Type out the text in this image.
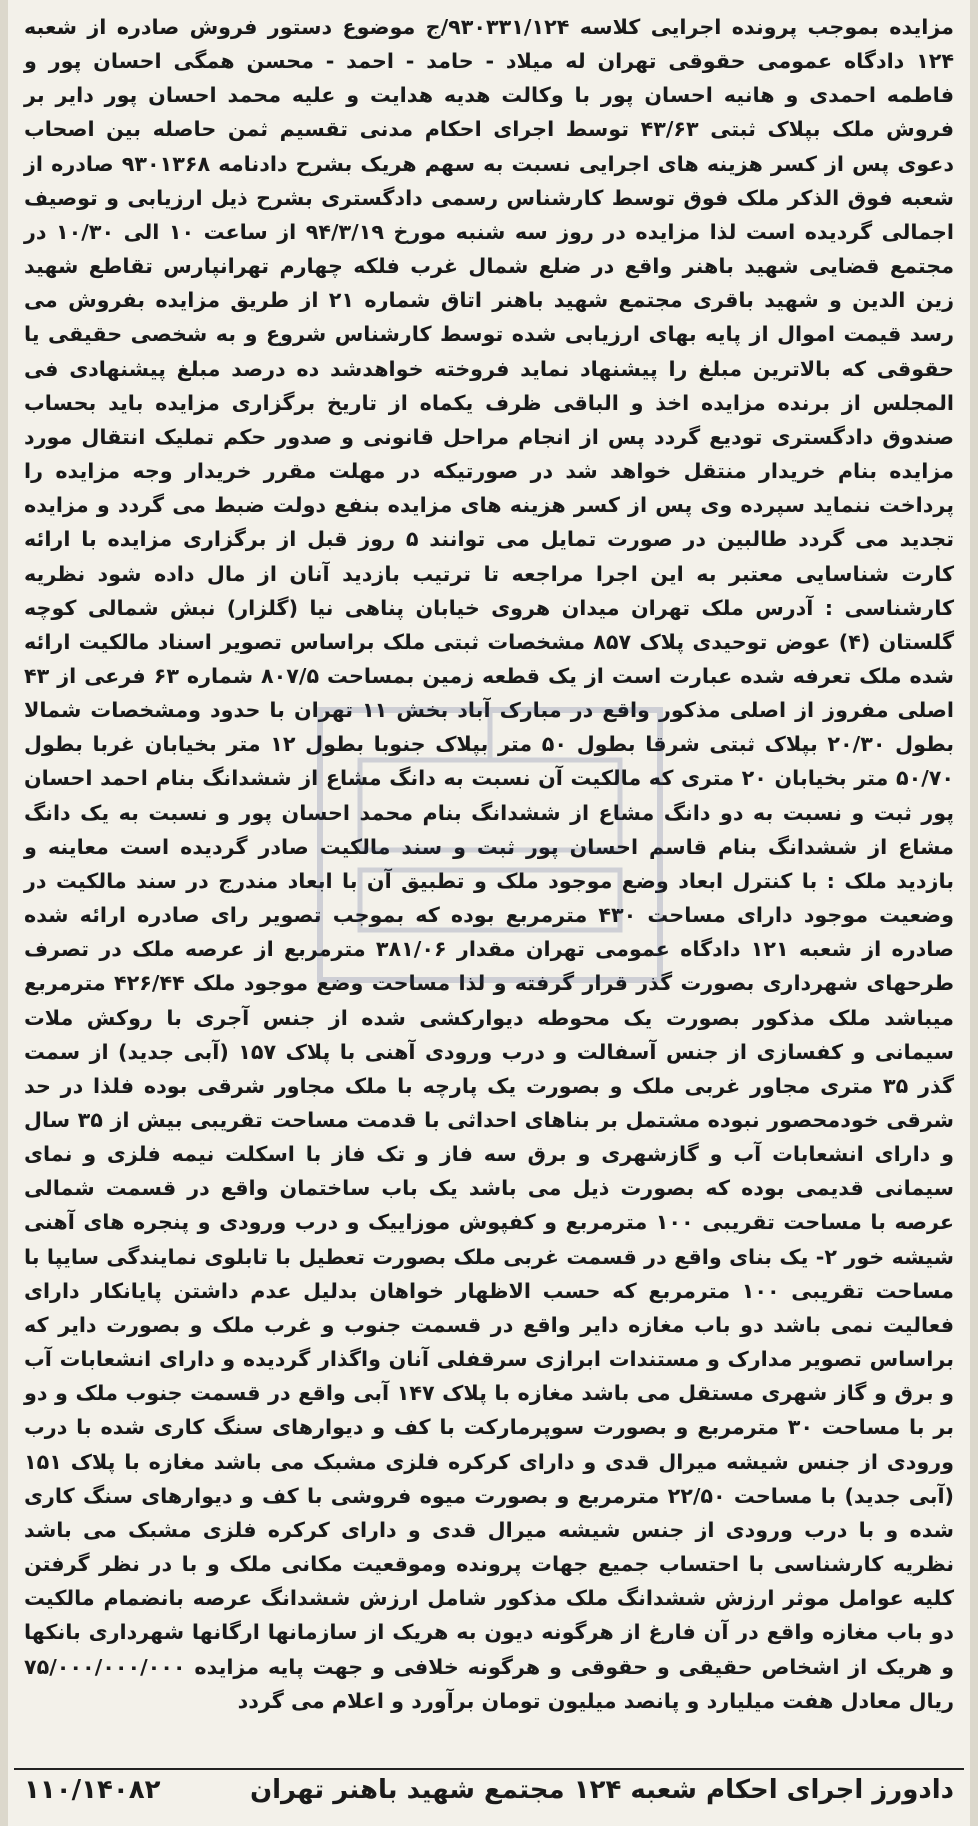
مزایده بموجب پرونده اجرایی کلاسه ۹۳۰۳۳۱/۱۲۴/ج موضوع دستور فروش صادره از شعبه ۱۲۴ دادگاه عمومی حقوقی تهران له میلاد - حامد - احمد - محسن همگی احسان پور و فاطمه احمدی و هانیه احسان پور با وکالت هدیه هدایت و علیه محمد احسان پور دایر بر فروش ملک بپلاک ثبتی ۴۳/۶۳ توسط اجرای احکام مدنی تقسیم ثمن حاصله بین اصحاب دعوی پس از کسر هزینه های اجرایی نسبت به سهم هریک بشرح دادنامه ۹۳۰۱۳۶۸ صادره از شعبه فوق الذکر ملک فوق توسط کارشناس رسمی دادگستری بشرح ذیل ارزیابی و توصیف اجمالی گردیده است لذا مزایده در روز سه شنبه مورخ ۹۴/۳/۱۹ از ساعت ۱۰ الی ۱۰/۳۰ در مجتمع قضایی شهید باهنر واقع در ضلع شمال غرب فلکه چهارم تهرانپارس تقاطع شهید زین الدین و شهید باقری مجتمع شهید باهنر اتاق شماره ۲۱ از طریق مزایده بفروش می رسد قیمت اموال از پایه بهای ارزیابی شده توسط کارشناس شروع و به شخصی حقیقی یا حقوقی که بالاترین مبلغ را پیشنهاد نماید فروخته خواهدشد ده درصد مبلغ پیشنهادی فی المجلس از برنده مزایده اخذ و الباقی ظرف یکماه از تاریخ برگزاری مزایده باید بحساب صندوق دادگستری تودیع گردد پس از انجام مراحل قانونی و صدور حکم تملیک انتقال مورد مزایده بنام خریدار منتقل خواهد شد در صورتیکه در مهلت مقرر خریدار وجه مزایده را پرداخت ننماید سپرده وی پس از کسر هزینه های مزایده بنفع دولت ضبط می گردد و مزایده تجدید می گردد طالبین در صورت تمایل می توانند ۵ روز قبل از برگزاری مزایده با ارائه کارت شناسایی معتبر به این اجرا مراجعه تا ترتیب بازدید آنان از مال داده شود نظریه کارشناسی : آدرس ملک تهران میدان هروی خیابان پناهی نیا (گلزار) نبش شمالی کوچه گلستان (۴) عوض توحیدی پلاک ۸۵۷ مشخصات ثبتی ملک براساس تصویر اسناد مالکیت ارائه شده ملک تعرفه شده عبارت است از یک قطعه زمین بمساحت ۸۰۷/۵ شماره ۶۳ فرعی از ۴۳ اصلی مفروز از اصلی مذکور واقع در مبارک آباد بخش ۱۱ تهران با حدود ومشخصات شمالا بطول ۲۰/۳۰ بپلاک ثبتی شرقا بطول ۵۰ متر بپلاک جنوبا بطول ۱۲ متر بخیابان غربا بطول ۵۰/۷۰ متر بخیابان ۲۰ متری که مالکیت آن نسبت به دانگ مشاع از ششدانگ بنام احمد احسان پور ثبت و نسبت به دو دانگ مشاع از ششدانگ بنام محمد احسان پور و نسبت به یک دانگ مشاع از ششدانگ بنام قاسم احسان پور ثبت و سند مالکیت صادر گردیده است معاینه و بازدید ملک : با کنترل ابعاد وضع موجود ملک و تطبیق آن با ابعاد مندرج در سند مالکیت در وضعیت موجود دارای مساحت ۴۳۰ مترمربع بوده که بموجب تصویر رای صادره ارائه شده صادره از شعبه ۱۲۱ دادگاه عمومی تهران مقدار ۳۸۱/۰۶ مترمربع از عرصه ملک در تصرف طرحهای شهرداری بصورت گذر قرار گرفته و لذا مساحت وضع موجود ملک ۴۲۶/۴۴ مترمربع میباشد ملک مذکور بصورت یک محوطه دیوارکشی شده از جنس آجری با روکش ملات سیمانی و کفسازی از جنس آسفالت و درب ورودی آهنی با پلاک ۱۵۷ (آبی جدید) از سمت گذر ۳۵ متری مجاور غربی ملک و بصورت یک پارچه با ملک مجاور شرقی بوده فلذا در حد شرقی خودمحصور نبوده مشتمل بر بناهای احداثی با قدمت مساحت تقریبی بیش از ۳۵ سال و دارای انشعابات آب و گازشهری و برق سه فاز و تک فاز با اسکلت نیمه فلزی و نمای سیمانی قدیمی بوده که بصورت ذیل می باشد یک باب ساختمان واقع در قسمت شمالی عرصه با مساحت تقریبی ۱۰۰ مترمربع و کفپوش موزاییک و درب ورودی و پنجره های آهنی شیشه خور ۲- یک بنای واقع در قسمت غربی ملک بصورت تعطیل با تابلوی نمایندگی سایپا با مساحت تقریبی ۱۰۰ مترمربع که حسب الاظهار خواهان بدلیل عدم داشتن پایانکار دارای فعالیت نمی باشد دو باب مغازه دایر واقع در قسمت جنوب و غرب ملک و بصورت دایر که براساس تصویر مدارک و مستندات ابرازی سرقفلی آنان واگذار گردیده و دارای انشعابات آب و برق و گاز شهری مستقل می باشد مغازه با پلاک ۱۴۷ آبی واقع در قسمت جنوب ملک و دو بر با مساحت ۳۰ مترمربع و بصورت سوپرمارکت با کف و دیوارهای سنگ کاری شده با درب ورودی از جنس شیشه میرال قدی و دارای کرکره فلزی مشبک می باشد مغازه با پلاک ۱۵۱ (آبی جدید) با مساحت ۲۲/۵۰ مترمربع و بصورت میوه فروشی با کف و دیوارهای سنگ کاری شده و با درب ورودی از جنس شیشه میرال قدی و دارای کرکره فلزی مشبک می باشد نظریه کارشناسی با احتساب جمیع جهات پرونده وموقعیت مکانی ملک و با در نظر گرفتن کلیه عوامل موثر ارزش ششدانگ ملک مذکور شامل ارزش ششدانگ عرصه بانضمام مالکیت دو باب مغازه واقع در آن فارغ از هرگونه دیون به هریک از سازمانها ارگانها شهرداری بانکها و هریک از اشخاص حقیقی و حقوقی و هرگونه خلافی و جهت پایه مزایده ۷۵/۰۰۰/۰۰۰/۰۰۰ ریال معادل هفت میلیارد و پانصد میلیون تومان برآورد و اعلام می گردد

دادورز اجرای احکام شعبه ۱۲۴ مجتمع شهید باهنر تهران
۱۱۰/۱۴۰۸۲
